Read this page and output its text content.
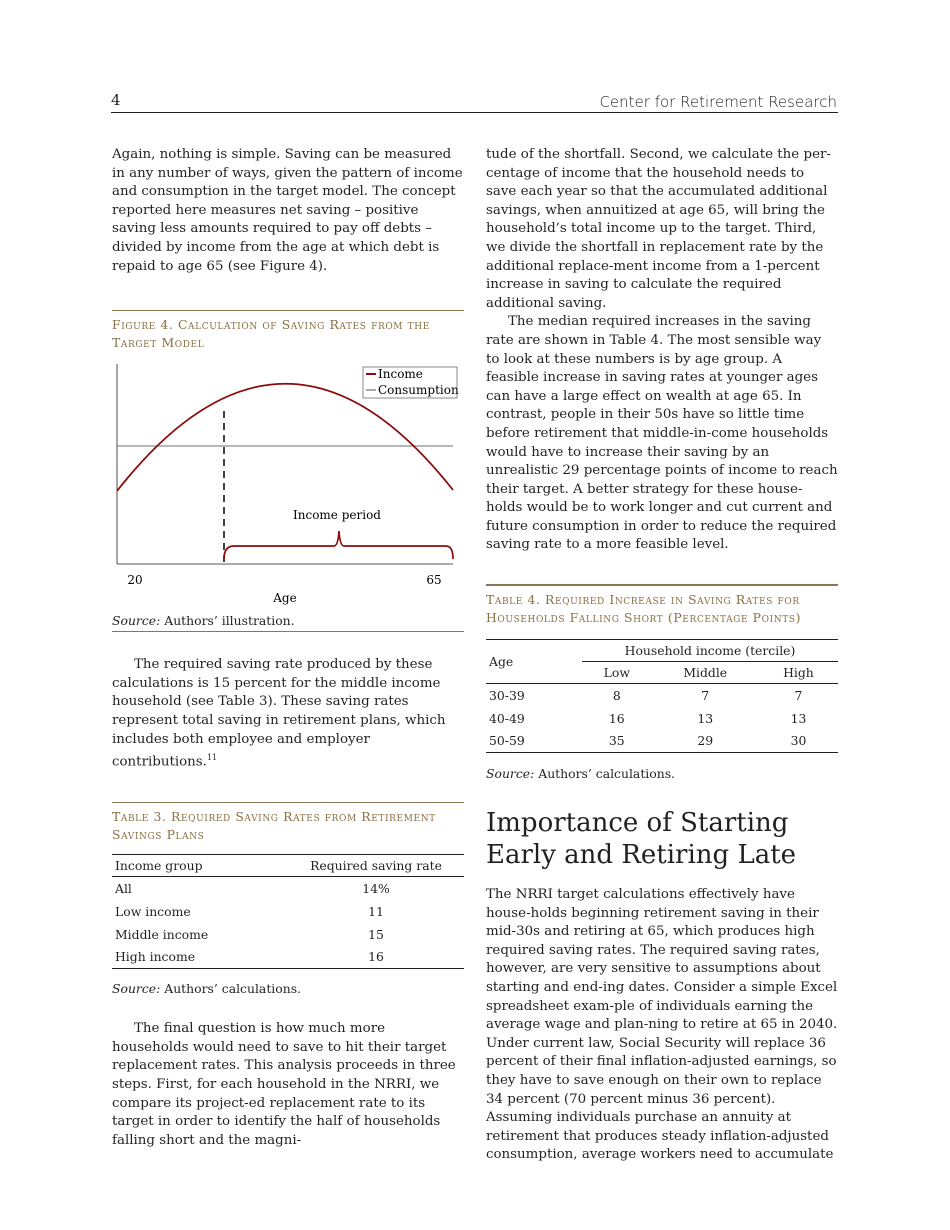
4	Center for Retirement Research

Again, nothing is simple. Saving can be measured in any number of ways, given the pattern of income and consumption in the target model. The concept reported here measures net saving – positive saving less amounts required to pay off debts – divided by income from the age at which debt is repaid to age 65 (see Figure 4).

Figure 4. Calculation of Saving Rates from the Target Model
Income period
Income
Consumption
20	65
Age

Source: Authors’ illustration.

The required saving rate produced by these calculations is 15 percent for the middle income household (see Table 3). These saving rates represent total saving in retirement plans, which includes both employee and employer contributions.$^{11}$

Table 3. Required Saving Rates from Retirement Savings Plans
Income group	Required saving rate
All	14%
Low income	11
Middle income	15
High income	16

Source: Authors’ calculations.

The final question is how much more households would need to save to hit their target replacement rates. This analysis proceeds in three steps. First, for each household in the NRRI, we compare its project-ed replacement rate to its target in order to identify the half of households falling short and the magni-

tude of the shortfall. Second, we calculate the per-centage of income that the household needs to save each year so that the accumulated additional savings, when annuitized at age 65, will bring the household’s total income up to the target. Third, we divide the shortfall in replacement rate by the additional replace-ment income from a 1-percent increase in saving to calculate the required additional saving.

The median required increases in the saving rate are shown in Table 4. The most sensible way to look at these numbers is by age group. A feasible increase in saving rates at younger ages can have a large effect on wealth at age 65. In contrast, people in their 50s have so little time before retirement that middle-in-come households would have to increase their saving by an unrealistic 29 percentage points of income to reach their target. A better strategy for these house-holds would be to work longer and cut current and future consumption in order to reduce the required saving rate to a more feasible level.

Table 4. Required Increase in Saving Rates for Households Falling Short (Percentage Points)
Age	Household income (tercile)		
	Low	Middle	High
30-39	8	7	7
40-49	16	13	13
50-59	35	29	30

Source: Authors’ calculations.

Importance of Starting Early and Retiring Late

The NRRI target calculations effectively have house-holds beginning retirement saving in their mid-30s and retiring at 65, which produces high required saving rates. The required saving rates, however, are very sensitive to assumptions about starting and end-ing dates. Consider a simple Excel spreadsheet exam-ple of individuals earning the average wage and plan-ning to retire at 65 in 2040. Under current law, Social Security will replace 36 percent of their final inflation-adjusted earnings, so they have to save enough on their own to replace 34 percent (70 percent minus 36 percent). Assuming individuals purchase an annuity at retirement that produces steady inflation-adjusted consumption, average workers need to accumulate
